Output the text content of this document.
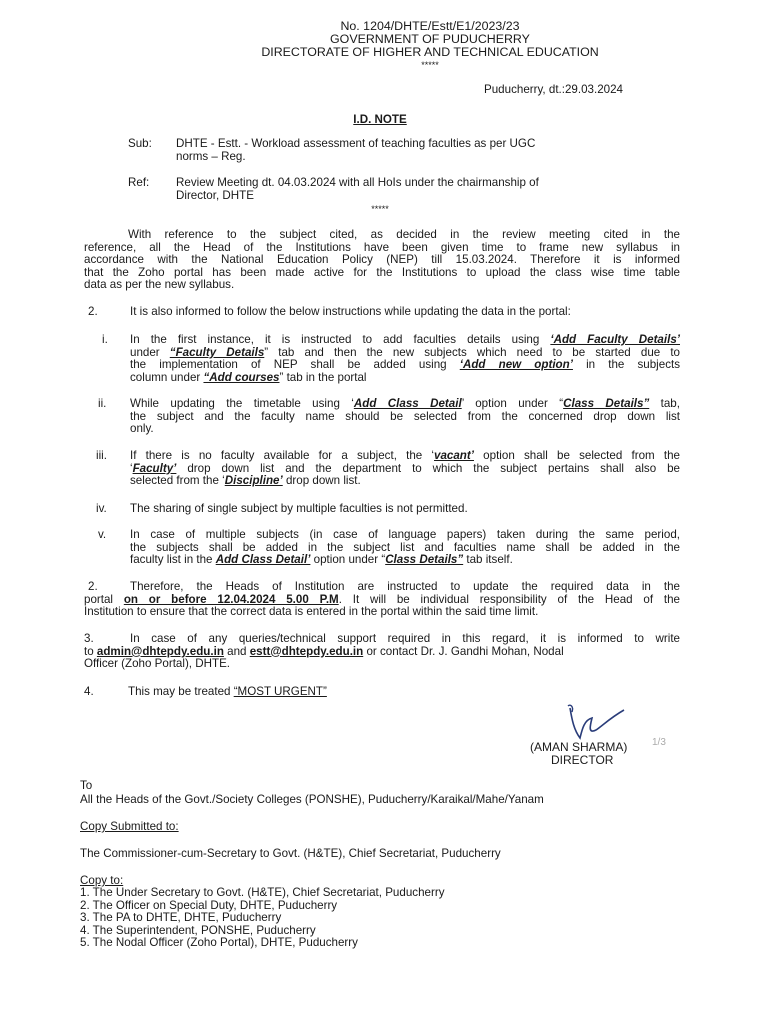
No. 1204/DHTE/Estt/E1/2023/23
GOVERNMENT OF PUDUCHERRY
DIRECTORATE OF HIGHER AND TECHNICAL EDUCATION
*****
Puducherry, dt.:29.03.2024
I.D. NOTE
Sub: DHTE - Estt. - Workload assessment of teaching faculties as per UGC
norms – Reg.
Ref: Review Meeting dt. 04.03.2024 with all HoIs under the chairmanship of
Director, DHTE
*****
With reference to the subject cited, as decided in the review meeting cited in the
reference, all the Head of the Institutions have been given time to frame new syllabus in
accordance with the National Education Policy (NEP) till 15.03.2024. Therefore it is informed
that the Zoho portal has been made active for the Institutions to upload the class wise time table
data as per the new syllabus.
2.	It is also informed to follow the below instructions while updating the data in the portal:
i. In the first instance, it is instructed to add faculties details using ‘Add Faculty Details’
under “Faculty Details” tab and then the new subjects which need to be started due to
the implementation of NEP shall be added using ‘Add new option’ in the subjects
column under “Add courses” tab in the portal
ii. While updating the timetable using ‘Add Class Detail’ option under “Class Details” tab,
the subject and the faculty name should be selected from the concerned drop down list
only.
iii. If there is no faculty available for a subject, the ‘vacant’ option shall be selected from the
‘Faculty’ drop down list and the department to which the subject pertains shall also be
selected from the ‘Discipline’ drop down list.
iv. The sharing of single subject by multiple faculties is not permitted.
v. In case of multiple subjects (in case of language papers) taken during the same period,
the subjects shall be added in the subject list and faculties name shall be added in the
faculty list in the Add Class Detail’ option under “Class Details” tab itself.
2.	Therefore, the Heads of Institution are instructed to update the required data in the
portal on or before 12.04.2024 5.00 P.M. It will be individual responsibility of the Head of the
Institution to ensure that the correct data is entered in the portal within the said time limit.
3.	In case of any queries/technical support required in this regard, it is informed to write
to admin@dhtepdy.edu.in and estt@dhtepdy.edu.in or contact Dr. J. Gandhi Mohan, Nodal
Officer (Zoho Portal), DHTE.
4.	This may be treated “MOST URGENT”
(AMAN SHARMA)
DIRECTOR
1/3
To
All the Heads of the Govt./Society Colleges (PONSHE), Puducherry/Karaikal/Mahe/Yanam
Copy Submitted to:
The Commissioner-cum-Secretary to Govt. (H&TE), Chief Secretariat, Puducherry
Copy to:
1. The Under Secretary to Govt. (H&TE), Chief Secretariat, Puducherry
2. The Officer on Special Duty, DHTE, Puducherry
3. The PA to DHTE, DHTE, Puducherry
4. The Superintendent, PONSHE, Puducherry
5. The Nodal Officer (Zoho Portal), DHTE, Puducherry
